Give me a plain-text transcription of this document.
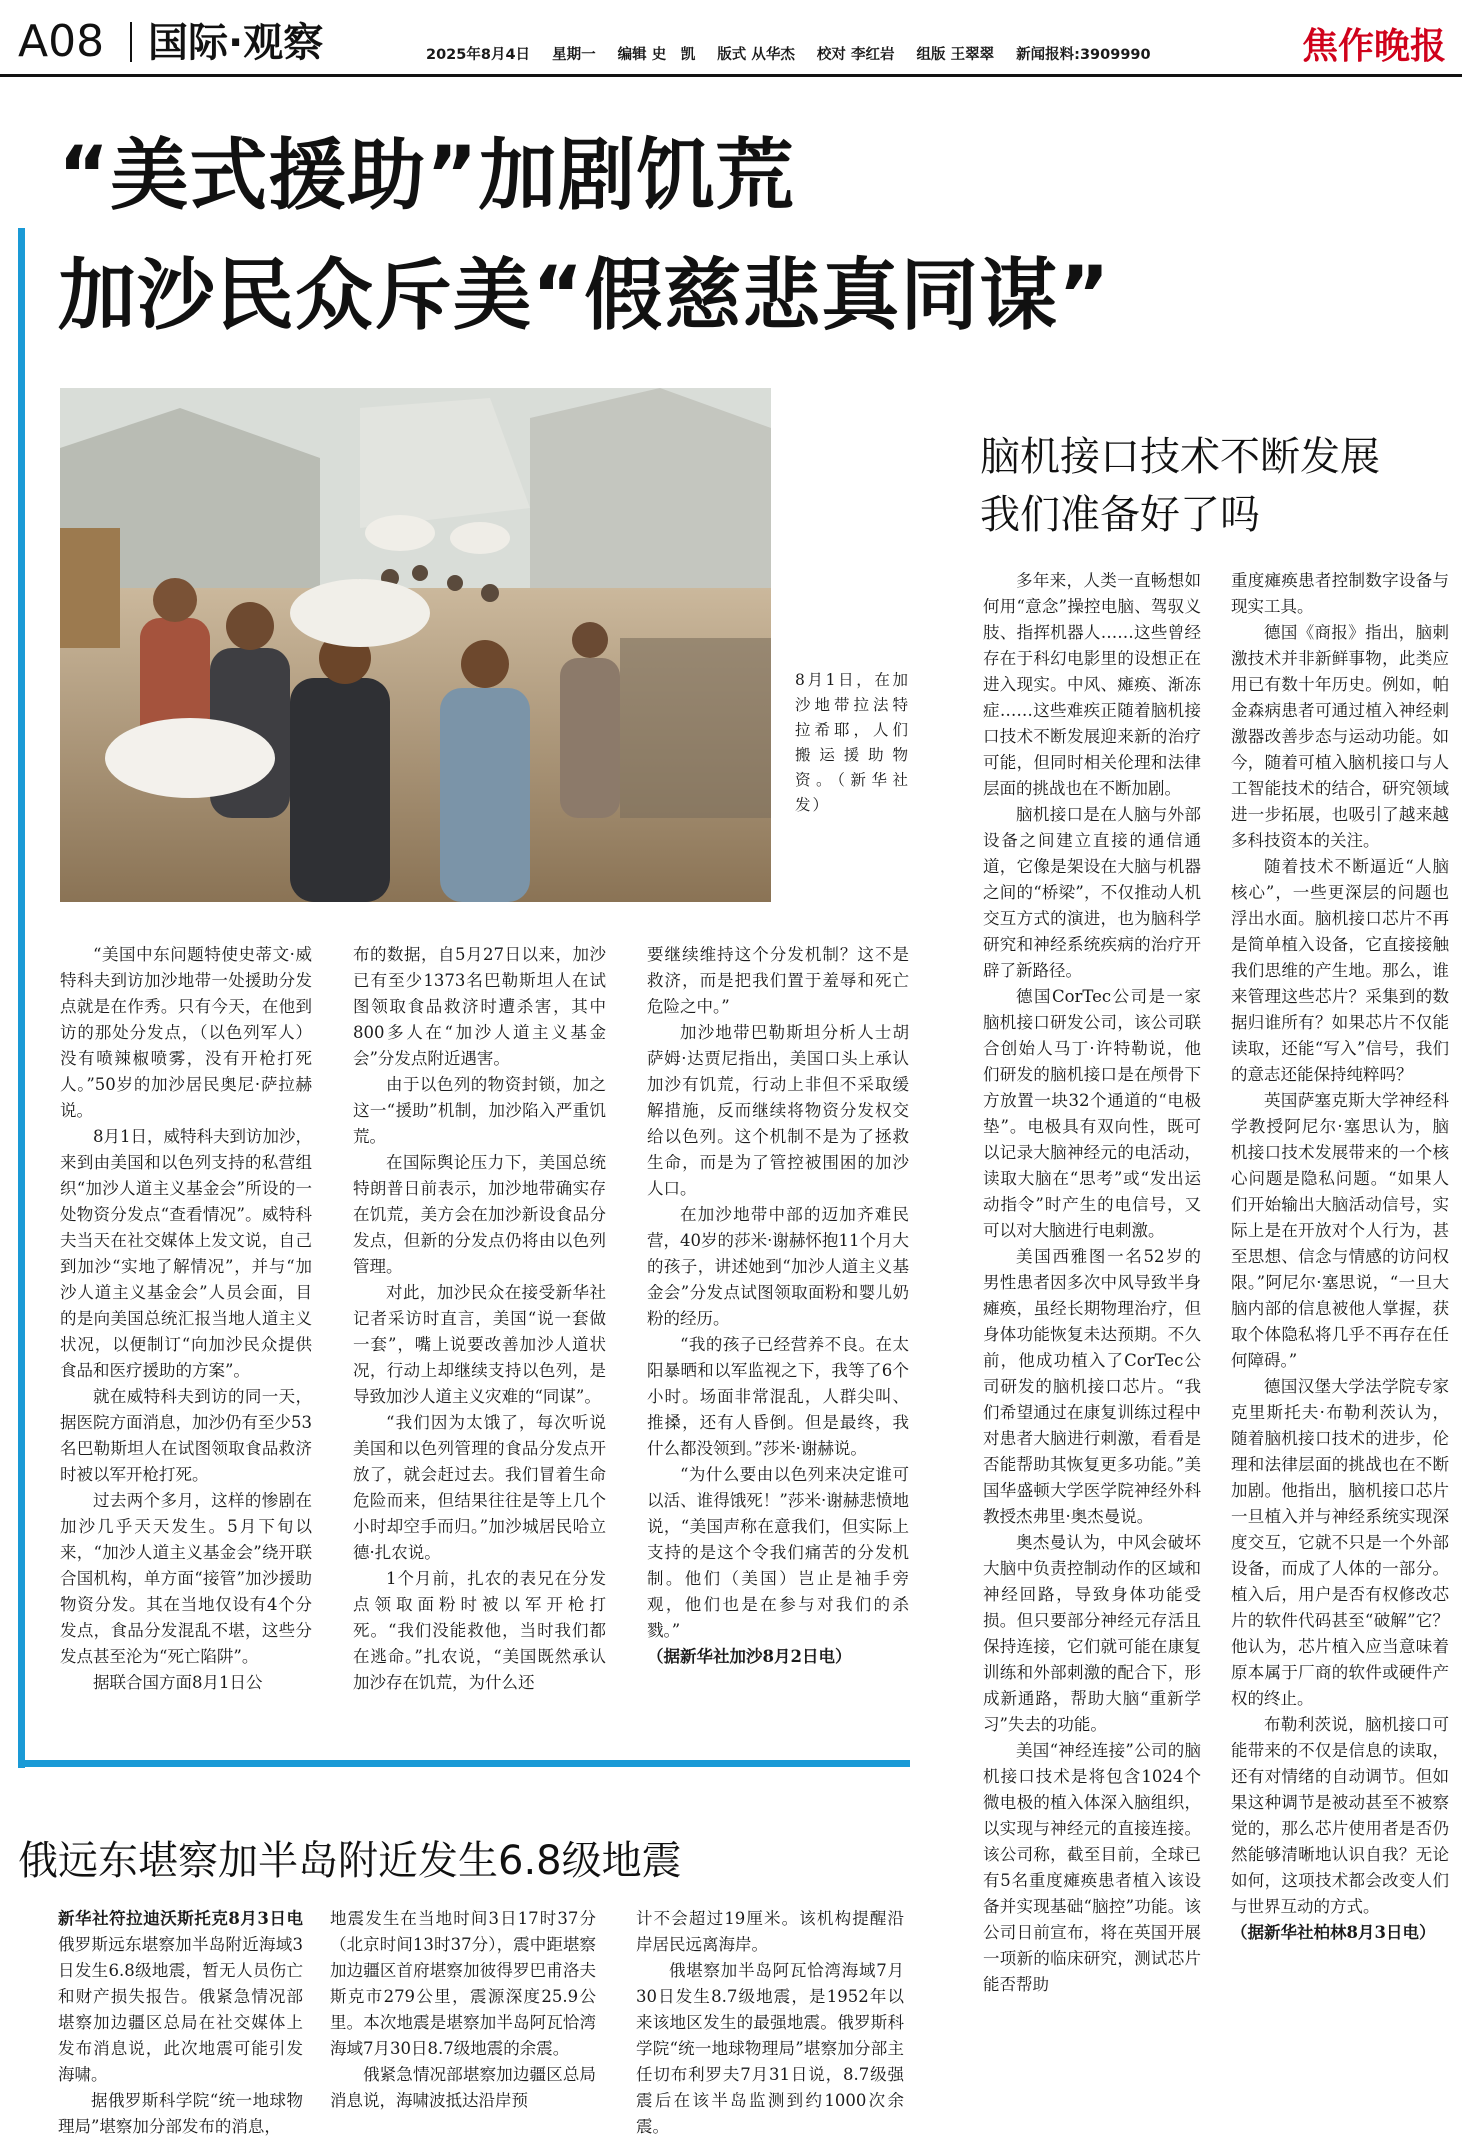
A08 国际·观察	2025年8月4日 星期一 编辑 史　凯 版式 从华杰 校对 李红岩 组版 王翠翠 新闻报料:3909990	焦作晚报
“美式援助”加剧饥荒
加沙民众斥美“假慈悲真同谋”
8月1日，在加沙地带拉法特拉希耶，人们搬运援助物资。（新华社发）

“美国中东问题特使史蒂文·威特科夫到访加沙地带一处援助分发点就是在作秀。只有今天，在他到访的那处分发点，（以色列军人）没有喷辣椒喷雾，没有开枪打死人。”50岁的加沙居民奥尼·萨拉赫说。

8月1日，威特科夫到访加沙，来到由美国和以色列支持的私营组织“加沙人道主义基金会”所设的一处物资分发点“查看情况”。威特科夫当天在社交媒体上发文说，自己到加沙“实地了解情况”，并与“加沙人道主义基金会”人员会面，目的是向美国总统汇报当地人道主义状况，以便制订“向加沙民众提供食品和医疗援助的方案”。

就在威特科夫到访的同一天，据医院方面消息，加沙仍有至少53名巴勒斯坦人在试图领取食品救济时被以军开枪打死。

过去两个多月，这样的惨剧在加沙几乎天天发生。5月下旬以来，“加沙人道主义基金会”绕开联合国机构，单方面“接管”加沙援助物资分发。其在当地仅设有4个分发点，食品分发混乱不堪，这些分发点甚至沦为“死亡陷阱”。

据联合国方面8月1日公

布的数据，自5月27日以来，加沙已有至少1373名巴勒斯坦人在试图领取食品救济时遭杀害，其中800多人在“加沙人道主义基金会”分发点附近遇害。

由于以色列的物资封锁，加之这一“援助”机制，加沙陷入严重饥荒。

在国际舆论压力下，美国总统特朗普日前表示，加沙地带确实存在饥荒，美方会在加沙新设食品分发点，但新的分发点仍将由以色列管理。

对此，加沙民众在接受新华社记者采访时直言，美国“说一套做一套”，嘴上说要改善加沙人道状况，行动上却继续支持以色列，是导致加沙人道主义灾难的“同谋”。

“我们因为太饿了，每次听说美国和以色列管理的食品分发点开放了，就会赶过去。我们冒着生命危险而来，但结果往往是等上几个小时却空手而归。”加沙城居民哈立德·扎农说。

1个月前，扎农的表兄在分发点领取面粉时被以军开枪打死。“我们没能救他，当时我们都在逃命。”扎农说，“美国既然承认加沙存在饥荒，为什么还

要继续维持这个分发机制？这不是救济，而是把我们置于羞辱和死亡危险之中。”

加沙地带巴勒斯坦分析人士胡萨姆·达贾尼指出，美国口头上承认加沙有饥荒，行动上非但不采取缓解措施，反而继续将物资分发权交给以色列。这个机制不是为了拯救生命，而是为了管控被围困的加沙人口。

在加沙地带中部的迈加齐难民营，40岁的莎米·谢赫怀抱11个月大的孩子，讲述她到“加沙人道主义基金会”分发点试图领取面粉和婴儿奶粉的经历。

“我的孩子已经营养不良。在太阳暴晒和以军监视之下，我等了6个小时。场面非常混乱，人群尖叫、推搡，还有人昏倒。但是最终，我什么都没领到。”莎米·谢赫说。

“为什么要由以色列来决定谁可以活、谁得饿死！”莎米·谢赫悲愤地说，“美国声称在意我们，但实际上支持的是这个令我们痛苦的分发机制。他们（美国）岂止是袖手旁观，他们也是在参与对我们的杀戮。”

（据新华社加沙8月2日电）

脑机接口技术不断发展
我们准备好了吗

多年来，人类一直畅想如何用“意念”操控电脑、驾驭义肢、指挥机器人……这些曾经存在于科幻电影里的设想正在进入现实。中风、瘫痪、渐冻症……这些难疾正随着脑机接口技术不断发展迎来新的治疗可能，但同时相关伦理和法律层面的挑战也在不断加剧。

脑机接口是在人脑与外部设备之间建立直接的通信通道，它像是架设在大脑与机器之间的“桥梁”，不仅推动人机交互方式的演进，也为脑科学研究和神经系统疾病的治疗开辟了新路径。

德国CorTec公司是一家脑机接口研发公司，该公司联合创始人马丁·许特勒说，他们研发的脑机接口是在颅骨下方放置一块32个通道的“电极垫”。电极具有双向性，既可以记录大脑神经元的电活动，读取大脑在“思考”或“发出运动指令”时产生的电信号，又可以对大脑进行电刺激。

美国西雅图一名52岁的男性患者因多次中风导致半身瘫痪，虽经长期物理治疗，但身体功能恢复未达预期。不久前，他成功植入了CorTec公司研发的脑机接口芯片。“我们希望通过在康复训练过程中对患者大脑进行刺激，看看是否能帮助其恢复更多功能。”美国华盛顿大学医学院神经外科教授杰弗里·奥杰曼说。

奥杰曼认为，中风会破坏大脑中负责控制动作的区域和神经回路，导致身体功能受损。但只要部分神经元存活且保持连接，它们就可能在康复训练和外部刺激的配合下，形成新通路，帮助大脑“重新学习”失去的功能。

美国“神经连接”公司的脑机接口技术是将包含1024个微电极的植入体深入脑组织，以实现与神经元的直接连接。该公司称，截至目前，全球已有5名重度瘫痪患者植入该设备并实现基础“脑控”功能。该公司日前宣布，将在英国开展一项新的临床研究，测试芯片能否帮助

重度瘫痪患者控制数字设备与现实工具。

德国《商报》指出，脑刺激技术并非新鲜事物，此类应用已有数十年历史。例如，帕金森病患者可通过植入神经刺激器改善步态与运动功能。如今，随着可植入脑机接口与人工智能技术的结合，研究领域进一步拓展，也吸引了越来越多科技资本的关注。

随着技术不断逼近“人脑核心”，一些更深层的问题也浮出水面。脑机接口芯片不再是简单植入设备，它直接接触我们思维的产生地。那么，谁来管理这些芯片？采集到的数据归谁所有？如果芯片不仅能读取，还能“写入”信号，我们的意志还能保持纯粹吗？

英国萨塞克斯大学神经科学教授阿尼尔·塞思认为，脑机接口技术发展带来的一个核心问题是隐私问题。“如果人们开始输出大脑活动信号，实际上是在开放对个人行为，甚至思想、信念与情感的访问权限。”阿尼尔·塞思说，“一旦大脑内部的信息被他人掌握，获取个体隐私将几乎不再存在任何障碍。”

德国汉堡大学法学院专家克里斯托夫·布勒利茨认为，随着脑机接口技术的进步，伦理和法律层面的挑战也在不断加剧。他指出，脑机接口芯片一旦植入并与神经系统实现深度交互，它就不只是一个外部设备，而成了人体的一部分。植入后，用户是否有权修改芯片的软件代码甚至“破解”它？他认为，芯片植入应当意味着原本属于厂商的软件或硬件产权的终止。

布勒利茨说，脑机接口可能带来的不仅是信息的读取，还有对情绪的自动调节。但如果这种调节是被动甚至不被察觉的，那么芯片使用者是否仍然能够清晰地认识自我？无论如何，这项技术都会改变人们与世界互动的方式。

（据新华社柏林8月3日电）

俄远东堪察加半岛附近发生6.8级地震

新华社符拉迪沃斯托克8月3日电　俄罗斯远东堪察加半岛附近海域3日发生6.8级地震，暂无人员伤亡和财产损失报告。俄紧急情况部堪察加边疆区总局在社交媒体上发布消息说，此次地震可能引发海啸。

据俄罗斯科学院“统一地球物理局”堪察加分部发布的消息，

地震发生在当地时间3日17时37分（北京时间13时37分），震中距堪察加边疆区首府堪察加彼得罗巴甫洛夫斯克市279公里，震源深度25.9公里。本次地震是堪察加半岛阿瓦恰湾海域7月30日8.7级地震的余震。

俄紧急情况部堪察加边疆区总局消息说，海啸波抵达沿岸预

计不会超过19厘米。该机构提醒沿岸居民远离海岸。

俄堪察加半岛阿瓦恰湾海域7月30日发生8.7级地震，是1952年以来该地区发生的最强地震。俄罗斯科学院“统一地球物理局”堪察加分部主任切布利罗夫7月31日说，8.7级强震后在该半岛监测到约1000次余震。
